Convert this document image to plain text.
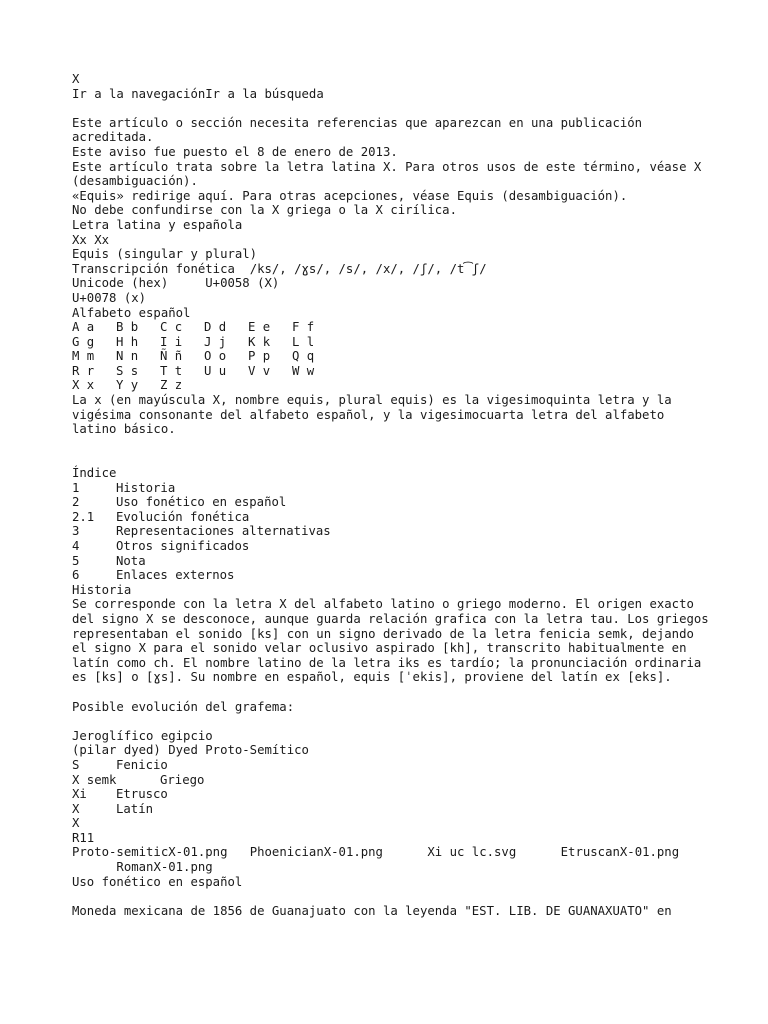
X
Ir a la navegaciónIr a la búsqueda
Este artículo o sección necesita referencias que aparezcan en una publicación acreditada.
Este aviso fue puesto el 8 de enero de 2013.
Este artículo trata sobre la letra latina X. Para otros usos de este término, véase X (desambiguación).
«Equis» redirige aquí. Para otras acepciones, véase Equis (desambiguación).
No debe confundirse con la X griega o la X cirílica.
Letra latina y española
Xx Xx
Equis (singular y plural)
Transcripción fonética /ks/, /ɣs/, /s/, /x/, /ʃ/, /t͡ʃ/
Unicode (hex)	U+0058 (X)
U+0078 (x)
Alfabeto español
A a	B b	C c	D d	E e	F f
G g	H h	I i	J j	K k	L l
M m	N n	Ñ ñ	O o	P p	Q q
R r	S s	T t	U u	V v	W w
X x	Y y	Z z
La x (en mayúscula X, nombre equis, plural equis) es la vigesimoquinta letra y la vigésima consonante del alfabeto español, y la vigesimocuarta letra del alfabeto latino básico.
Índice
1	Historia
2	Uso fonético en español
2.1	Evolución fonética
3	Representaciones alternativas
4	Otros significados
5	Nota
6	Enlaces externos
Historia
Se corresponde con la letra X del alfabeto latino o griego moderno. El origen exacto del signo X se desconoce, aunque guarda relación grafica con la letra tau. Los griegos representaban el sonido [ks] con un signo derivado de la letra fenicia semk, dejando el signo X para el sonido velar oclusivo aspirado [kh], transcrito habitualmente en latín como ch. El nombre latino de la letra iks es tardío; la pronunciación ordinaria es [ks] o [ɣs]. Su nombre en español, equis [ˈekis], proviene del latín ex [eks].
Posible evolución del grafema:
Jeroglífico egipcio
(pilar dyed) Dyed Proto-Semítico
S	Fenicio
X semk	Griego
Xi Etrusco
X	Latín
X
R11
Proto-semiticX-01.png PhoenicianX-01.png	Xi uc lc.svg	EtruscanX-01.png
RomanX-01.png
Uso fonético en español
Moneda mexicana de 1856 de Guanajuato con la leyenda "EST. LIB. DE GUANAXUATO" en
